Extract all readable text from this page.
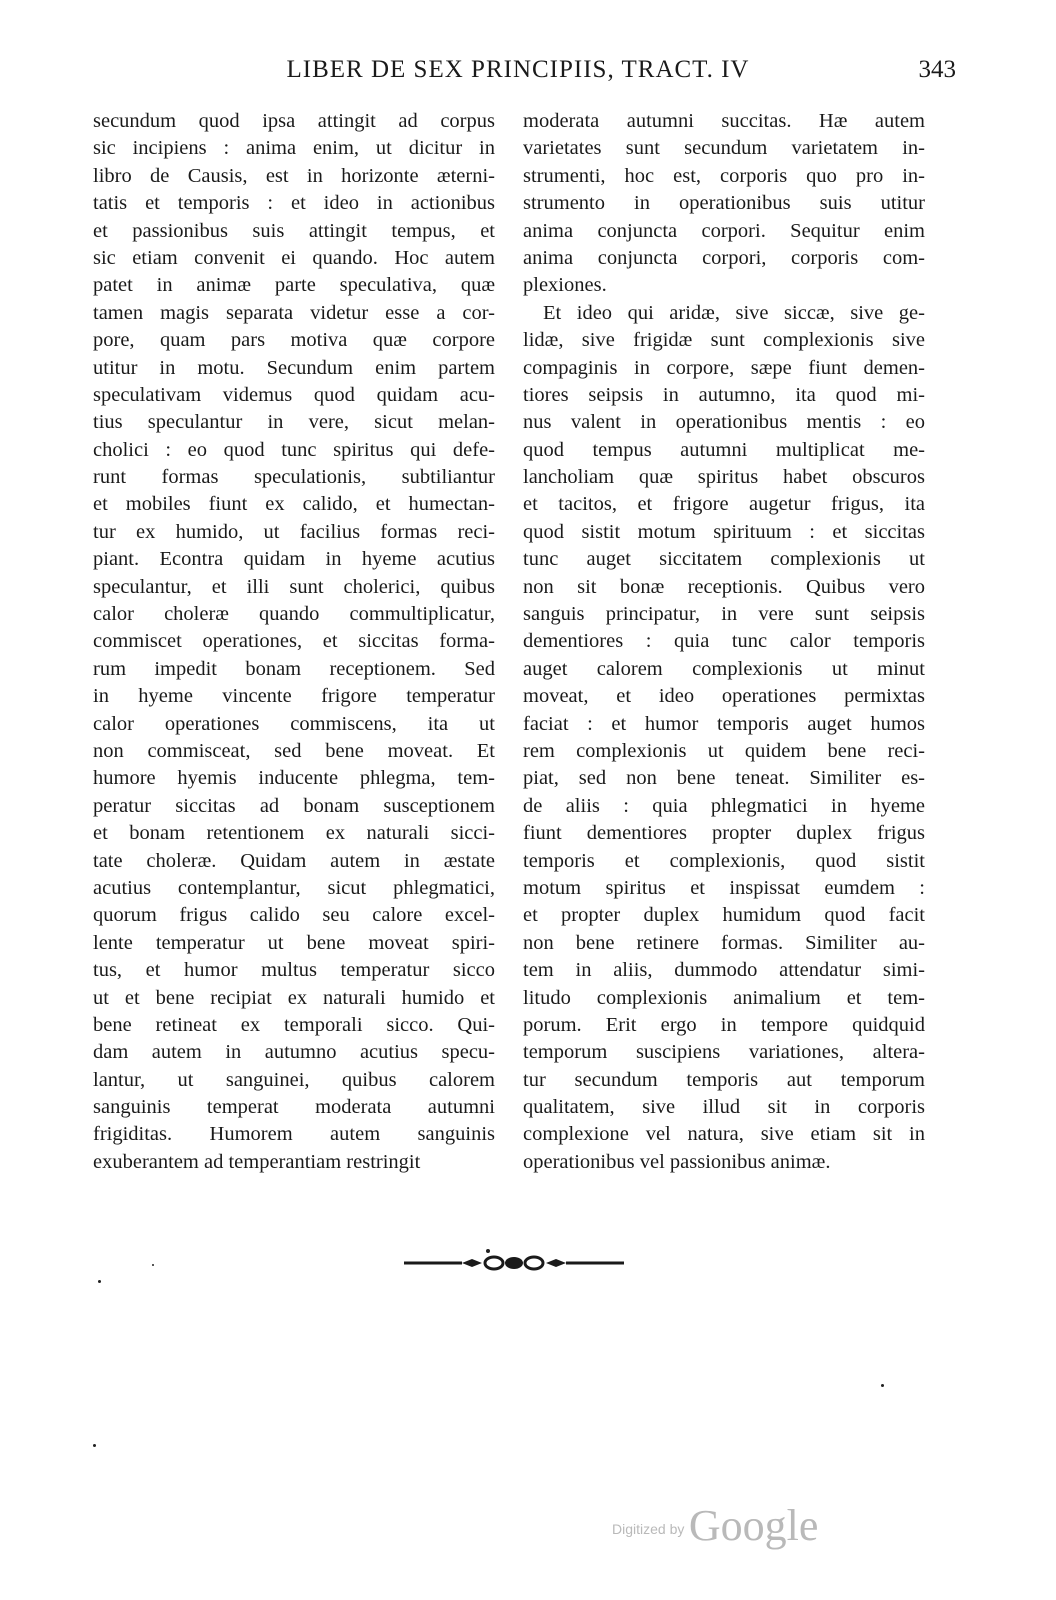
LIBER DE SEX PRINCIPIIS, TRACT. IV	343
secundum quod ipsa attingit ad corpus
sic incipiens : anima enim, ut dicitur in
libro de Causis, est in horizonte æterni-
tatis et temporis : et ideo in actionibus
et passionibus suis attingit tempus, et
sic etiam convenit ei quando. Hoc autem
patet in animæ parte speculativa, quæ
tamen magis separata videtur esse a cor-
pore, quam pars motiva quæ corpore
utitur in motu. Secundum enim partem
speculativam videmus quod quidam acu-
tius speculantur in vere, sicut melan-
cholici : eo quod tunc spiritus qui defe-
runt formas speculationis, subtiliantur
et mobiles fiunt ex calido, et humectan-
tur ex humido, ut facilius formas reci-
piant. Econtra quidam in hyeme acutius
speculantur, et illi sunt cholerici, quibus
calor choleræ quando commultiplicatur,
commiscet operationes, et siccitas forma-
rum impedit bonam receptionem. Sed
in hyeme vincente frigore temperatur
calor operationes commiscens, ita ut
non commisceat, sed bene moveat. Et
humore hyemis inducente phlegma, tem-
peratur siccitas ad bonam susceptionem
et bonam retentionem ex naturali sicci-
tate choleræ. Quidam autem in æstate
acutius contemplantur, sicut phlegmatici,
quorum frigus calido seu calore excel-
lente temperatur ut bene moveat spiri-
tus, et humor multus temperatur sicco
ut et bene recipiat ex naturali humido et
bene retineat ex temporali sicco. Qui-
dam autem in autumno acutius specu-
lantur, ut sanguinei, quibus calorem
sanguinis temperat moderata autumni
frigiditas. Humorem autem sanguinis
exuberantem ad temperantiam restringit
moderata autumni succitas. Hæ autem
varietates sunt secundum varietatem in-
strumenti, hoc est, corporis quo pro in-
strumento in operationibus suis utitur
anima conjuncta corpori. Sequitur enim
anima conjuncta corpori, corporis com-
plexiones.
Et ideo qui aridæ, sive siccæ, sive ge-
lidæ, sive frigidæ sunt complexionis sive
compaginis in corpore, sæpe fiunt demen-
tiores seipsis in autumno, ita quod mi-
nus valent in operationibus mentis : eo
quod tempus autumni multiplicat me-
lancholiam quæ spiritus habet obscuros
et tacitos, et frigore augetur frigus, ita
quod sistit motum spirituum : et siccitas
tunc auget siccitatem complexionis ut
non sit bonæ receptionis. Quibus vero
sanguis principatur, in vere sunt seipsis
dementiores : quia tunc calor temporis
auget calorem complexionis ut minut
moveat, et ideo operationes permixtas
faciat : et humor temporis auget humos
rem complexionis ut quidem bene reci-
piat, sed non bene teneat. Similiter es-
de aliis : quia phlegmatici in hyeme
fiunt dementiores propter duplex frigus
temporis et complexionis, quod sistit
motum spiritus et inspissat eumdem :
et propter duplex humidum quod facit
non bene retinere formas. Similiter au-
tem in aliis, dummodo attendatur simi-
litudo complexionis animalium et tem-
porum. Erit ergo in tempore quidquid
temporum suscipiens variationes, altera-
tur secundum temporis aut temporum
qualitatem, sive illud sit in corporis
complexione vel natura, sive etiam sit in
operationibus vel passionibus animæ.
Digitized by Google
